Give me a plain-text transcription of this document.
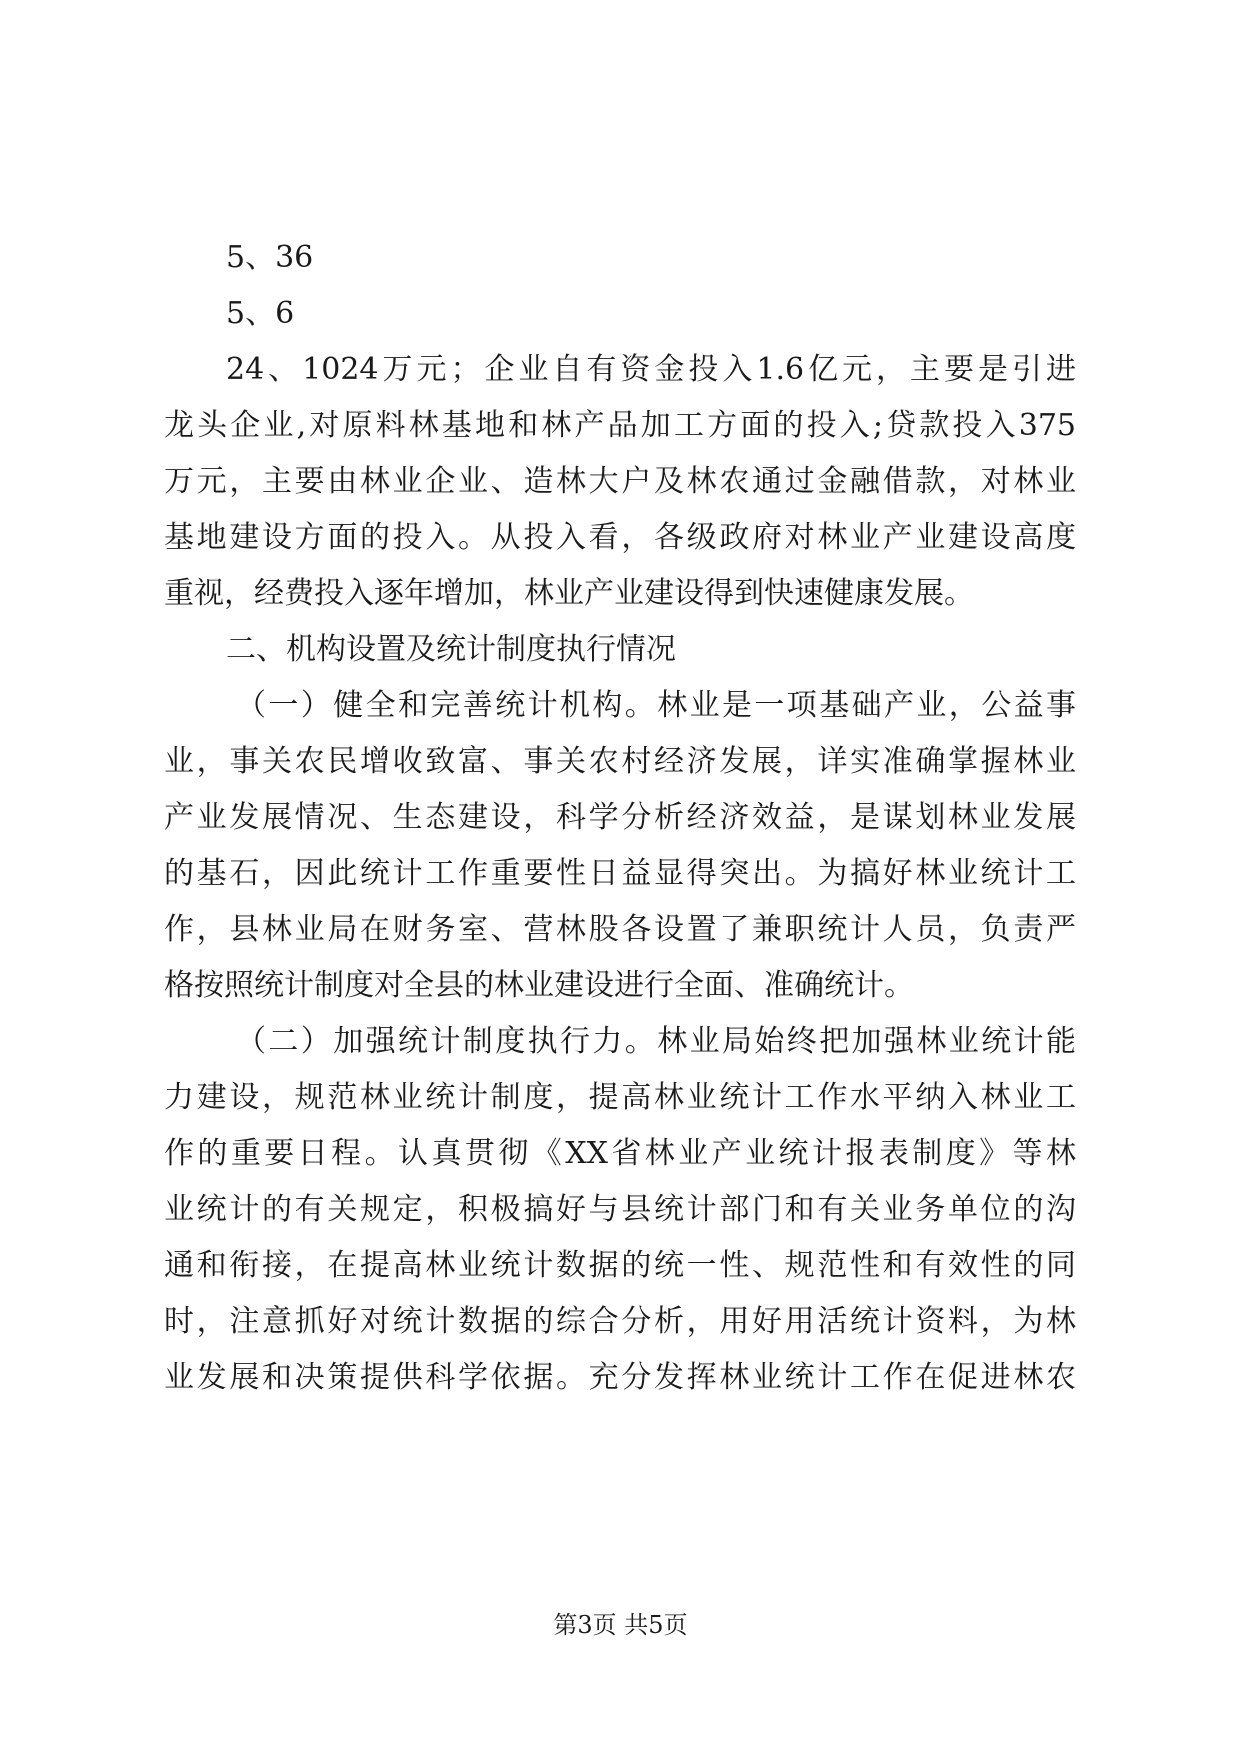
5、36
5、6
24、1024万元；企业自有资金投入1.6亿元，主要是引进
龙头企业,对原料林基地和林产品加工方面的投入;贷款投入375
万元，主要由林业企业、造林大户及林农通过金融借款，对林业
基地建设方面的投入。从投入看，各级政府对林业产业建设高度
重视，经费投入逐年增加，林业产业建设得到快速健康发展。
二、机构设置及统计制度执行情况
（一）健全和完善统计机构。林业是一项基础产业，公益事
业，事关农民增收致富、事关农村经济发展，详实准确掌握林业
产业发展情况、生态建设，科学分析经济效益，是谋划林业发展
的基石，因此统计工作重要性日益显得突出。为搞好林业统计工
作，县林业局在财务室、营林股各设置了兼职统计人员，负责严
格按照统计制度对全县的林业建设进行全面、准确统计。
（二）加强统计制度执行力。林业局始终把加强林业统计能
力建设，规范林业统计制度，提高林业统计工作水平纳入林业工
作的重要日程。认真贯彻《XX省林业产业统计报表制度》等林
业统计的有关规定，积极搞好与县统计部门和有关业务单位的沟
通和衔接，在提高林业统计数据的统一性、规范性和有效性的同
时，注意抓好对统计数据的综合分析，用好用活统计资料，为林
业发展和决策提供科学依据。充分发挥林业统计工作在促进林农
第3页 共5页
